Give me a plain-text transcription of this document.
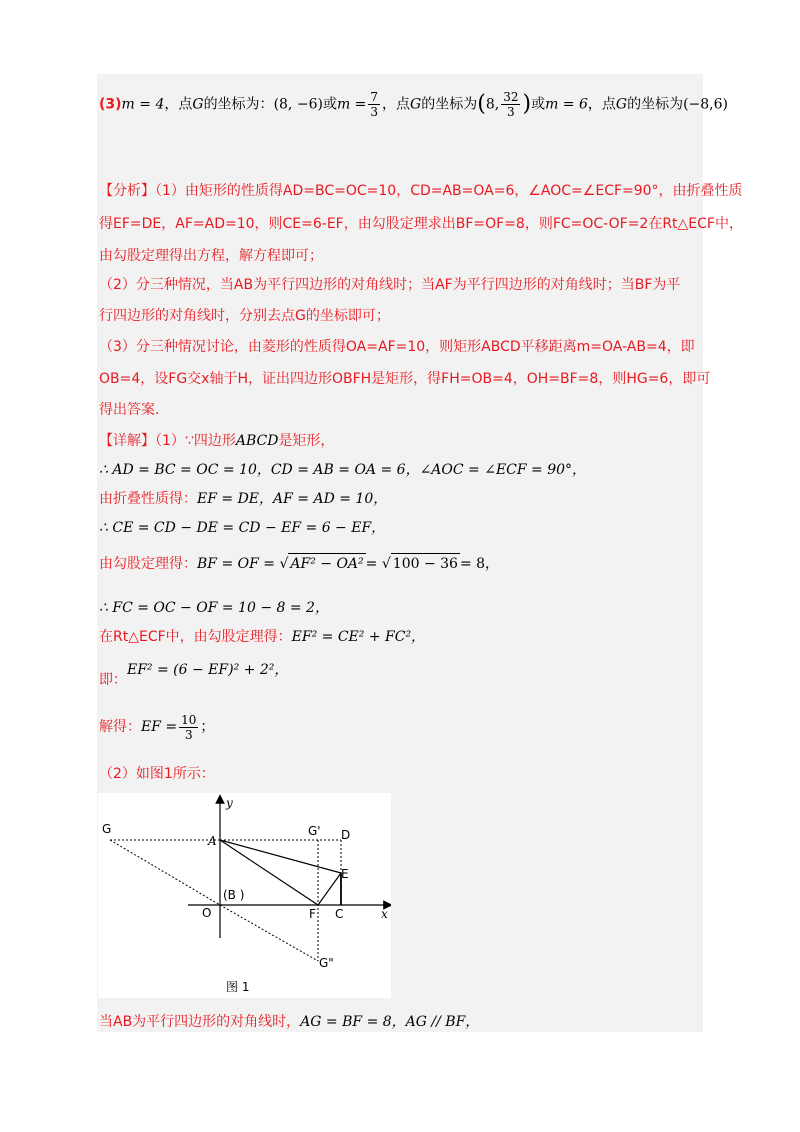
(3)m = 4，点G的坐标为：(8, −6)或$m = \frac{7}{3}$ ，点G的坐标为(8, $\frac{32}{3}$ )或m = 6，点G的坐标为(−8,6)
【分析】（1）由矩形的性质得AD=BC=OC=10，CD=AB=OA=6，∠AOC=∠ECF=90°，由折叠性质
得EF=DE，AF=AD=10，则CE=6-EF，由勾股定理求出BF=OF=8，则FC=OC-OF=2在Rt△ECF中，
由勾股定理得出方程，解方程即可；
（2）分三种情况，当AB为平行四边形的对角线时；当AF为平行四边形的对角线时；当BF为平
行四边形的对角线时，分别去点G的坐标即可；
（3）分三种情况讨论，由菱形的性质得OA=AF=10，则矩形ABCD平移距离m=OA-AB=4，即
OB=4，设FG交x轴于H，证出四边形OBFH是矩形，得FH=OB=4，OH=BF=8，则HG=6，即可
得出答案.
【详解】（1）∵四边形ABCD是矩形，
∴ AD = BC = OC = 10，CD = AB = OA = 6，∠AOC = ∠ECF = 90°，
由折叠性质得：EF = DE，AF = AD = 10，
∴ CE = CD − DE = CD − EF = 6 − EF，
由勾股定理得：BF = OF = √ AF² − OA² = √ 100 − 36 = 8，
∴ FC = OC − OF = 10 − 8 = 2，
在Rt△ECF中，由勾股定理得：EF² = CE² + FC²，
即：EF² = (6 − EF)² + 2²，
解得：EF = $\frac{10}{3}$ ；
（2）如图1所示：
y
x
G
A
G' D
E
(B )
O	F C
G"
图 1
当AB为平行四边形的对角线时，AG = BF = 8，AG // BF，
